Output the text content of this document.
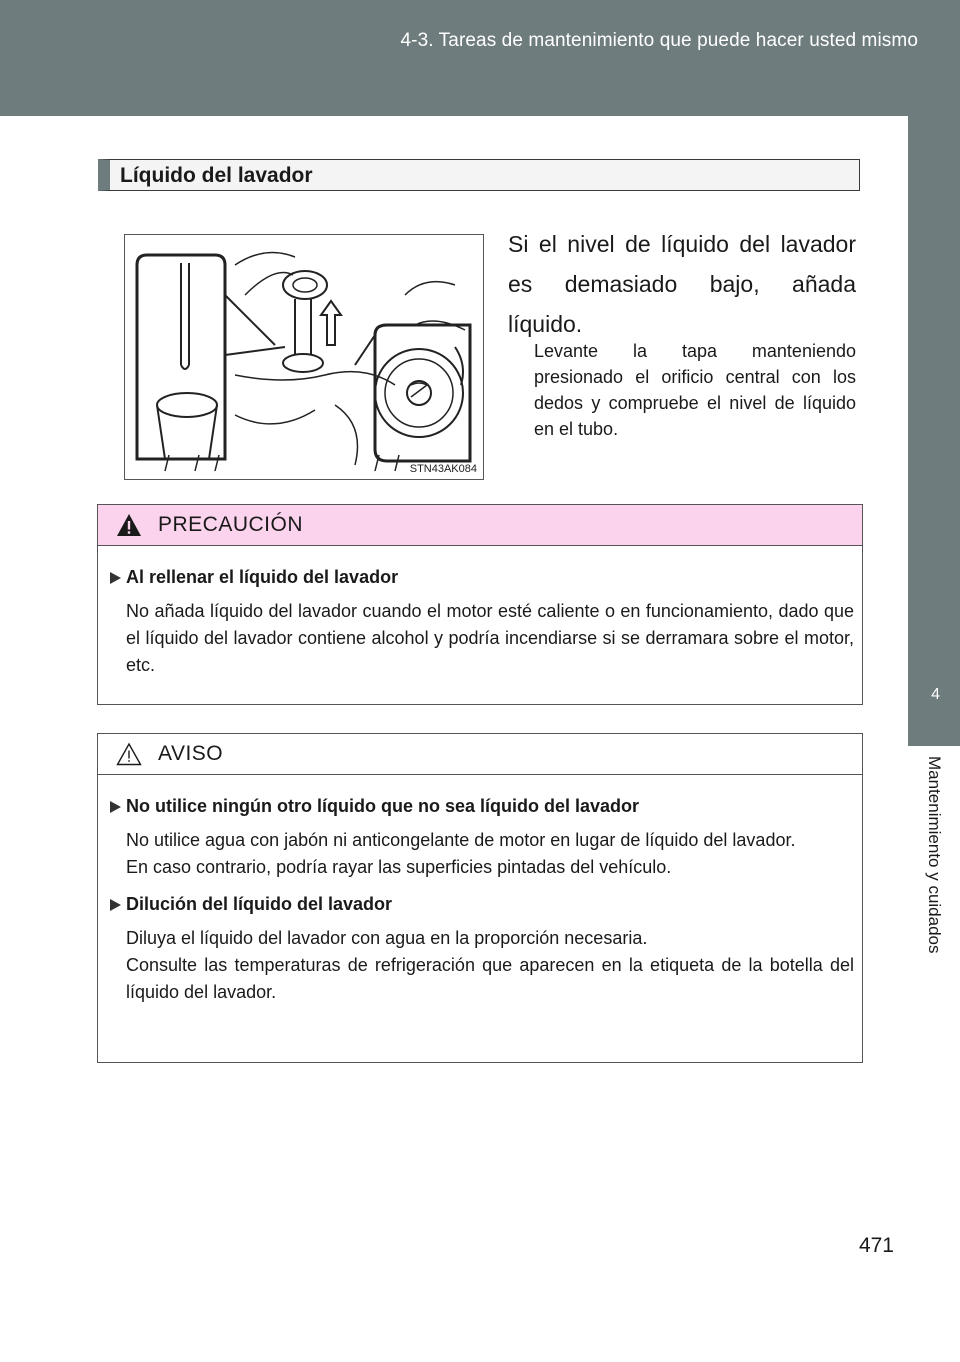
4-3. Tareas de mantenimiento que puede hacer usted mismo
4
Mantenimiento y cuidados
Líquido del lavador
STN43AK084
Si el nivel de líquido del lavador es demasiado bajo, añada líquido.
Levante la tapa manteniendo presionado el orificio central con los dedos y compruebe el nivel de líquido en el tubo.
PRECAUCIÓN
Al rellenar el líquido del lavador
No añada líquido del lavador cuando el motor esté caliente o en funcionamiento, dado que el líquido del lavador contiene alcohol y podría incendiarse si se derramara sobre el motor, etc.
AVISO
No utilice ningún otro líquido que no sea líquido del lavador
No utilice agua con jabón ni anticongelante de motor en lugar de líquido del lavador.
En caso contrario, podría rayar las superficies pintadas del vehículo.
Dilución del líquido del lavador
Diluya el líquido del lavador con agua en la proporción necesaria.
Consulte las temperaturas de refrigeración que aparecen en la etiqueta de la botella del líquido del lavador.
471
